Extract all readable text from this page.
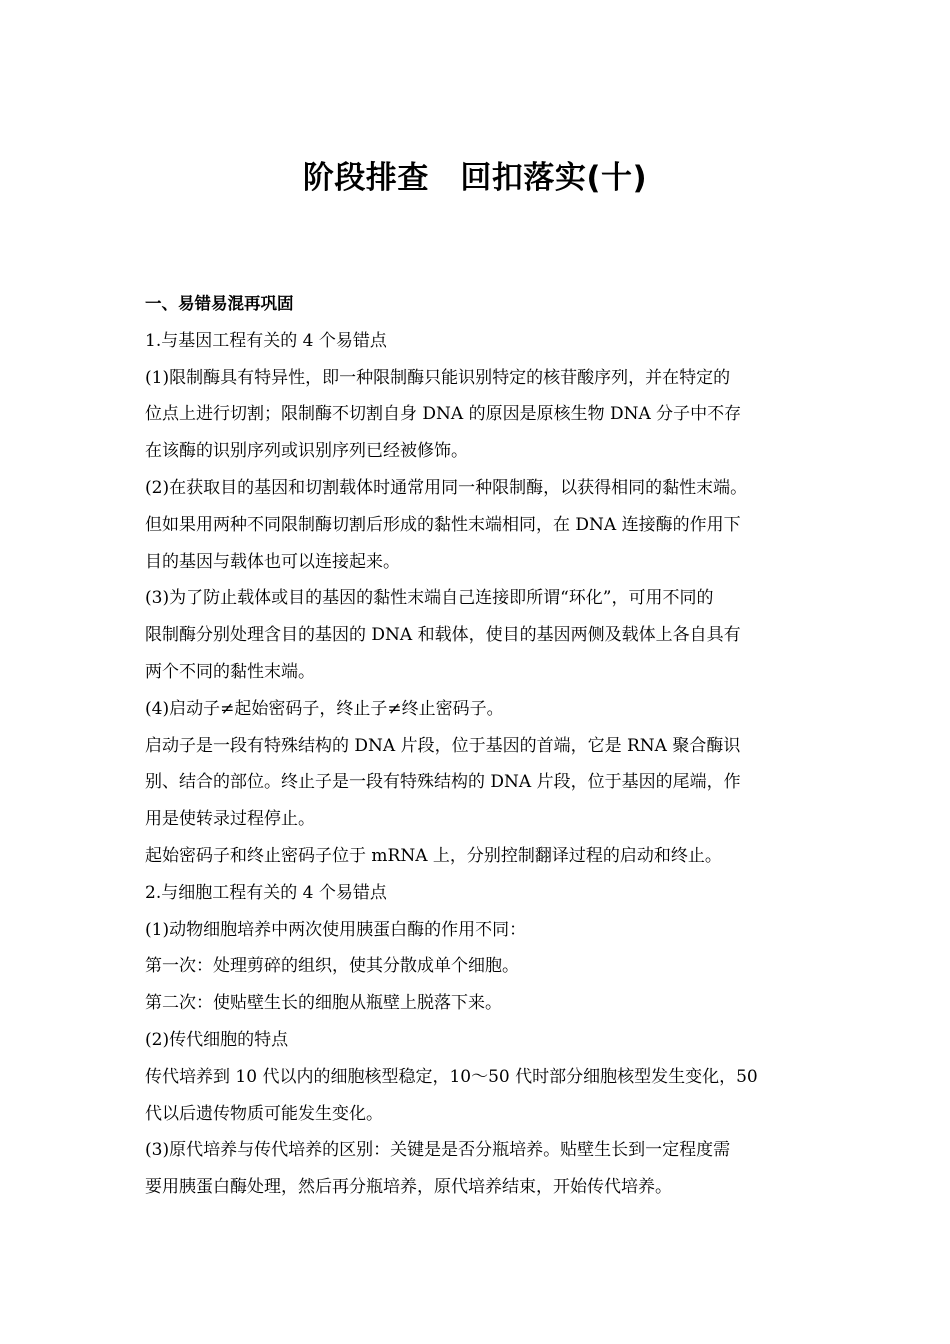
阶段排查　回扣落实(十)

一、易错易混再巩固

1.与基因工程有关的 4 个易错点

(1)限制酶具有特异性，即一种限制酶只能识别特定的核苷酸序列，并在特定的

位点上进行切割；限制酶不切割自身 DNA 的原因是原核生物 DNA 分子中不存

在该酶的识别序列或识别序列已经被修饰。

(2)在获取目的基因和切割载体时通常用同一种限制酶，以获得相同的黏性末端。

但如果用两种不同限制酶切割后形成的黏性末端相同，在 DNA 连接酶的作用下

目的基因与载体也可以连接起来。

(3)为了防止载体或目的基因的黏性末端自己连接即所谓“环化”，可用不同的

限制酶分别处理含目的基因的 DNA 和载体，使目的基因两侧及载体上各自具有

两个不同的黏性末端。

(4)启动子≠起始密码子，终止子≠终止密码子。

启动子是一段有特殊结构的 DNA 片段，位于基因的首端，它是 RNA 聚合酶识

别、结合的部位。终止子是一段有特殊结构的 DNA 片段，位于基因的尾端，作

用是使转录过程停止。

起始密码子和终止密码子位于 mRNA 上，分别控制翻译过程的启动和终止。

2.与细胞工程有关的 4 个易错点

(1)动物细胞培养中两次使用胰蛋白酶的作用不同：

第一次：处理剪碎的组织，使其分散成单个细胞。

第二次：使贴壁生长的细胞从瓶壁上脱落下来。

(2)传代细胞的特点

传代培养到 10 代以内的细胞核型稳定，10～50 代时部分细胞核型发生变化，50

代以后遗传物质可能发生变化。

(3)原代培养与传代培养的区别：关键是是否分瓶培养。贴壁生长到一定程度需

要用胰蛋白酶处理，然后再分瓶培养，原代培养结束，开始传代培养。
